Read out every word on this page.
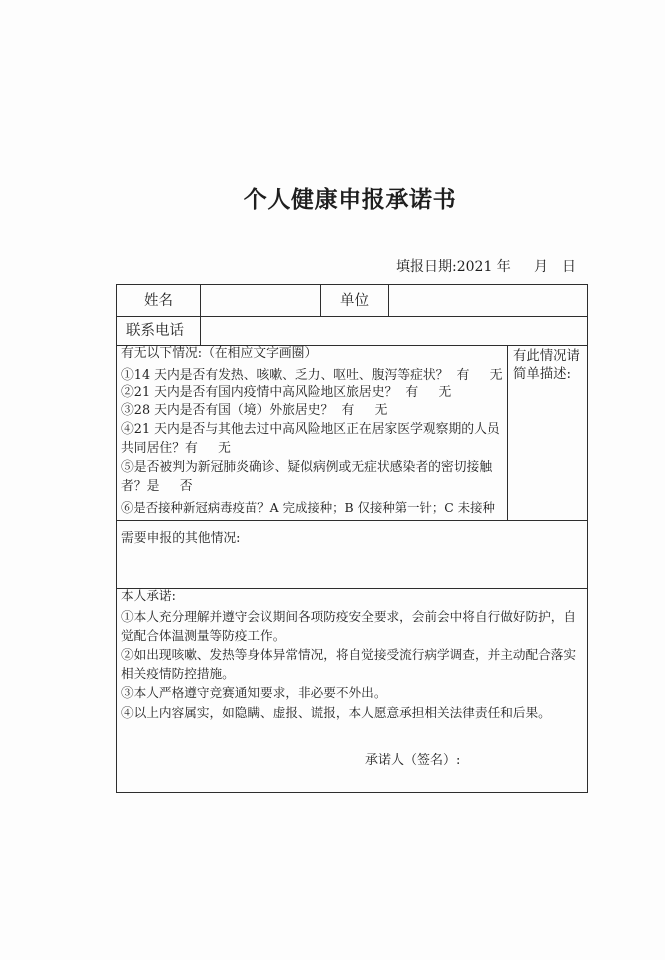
个人健康申报承诺书
填报日期:2021 年 月 日
姓名	单位
联系电话
有无以下情况:（在相应文字画圈）
①14 天内是否有发热、咳嗽、乏力、呕吐、腹泻等症状？  有     无
②21 天内是否有国内疫情中高风险地区旅居史？  有     无
③28 天内是否有国（境）外旅居史？  有     无
④21 天内是否与其他去过中高风险地区正在居家医学观察期的人员
共同居住？有     无
⑤是否被判为新冠肺炎确诊、疑似病例或无症状感染者的密切接触
者？是     否
⑥是否接种新冠病毒疫苗？A 完成接种；B 仅接种第一针；C 未接种
有此情况请
简单描述:
需要申报的其他情况:
本人承诺:
①本人充分理解并遵守会议期间各项防疫安全要求，会前会中将自行做好防护，自
觉配合体温测量等防疫工作。
②如出现咳嗽、发热等身体异常情况，将自觉接受流行病学调查，并主动配合落实
相关疫情防控措施。
③本人严格遵守竞赛通知要求，非必要不外出。
④以上内容属实，如隐瞒、虚报、谎报，本人愿意承担相关法律责任和后果。
承诺人（签名）:
